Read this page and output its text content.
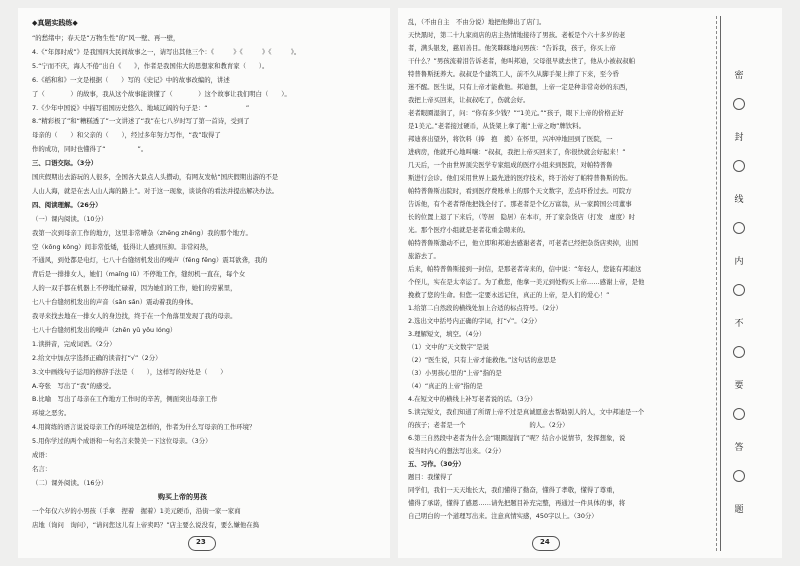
◆真题实践练◆
“的愁绪中；春天是“万物生性”的“风一壁、再一壁，
4.《“年郎时成”》是我国四大民间故事之一，请写出其他三个：《　　　》《　　　》《　　　》。
5.“宁而不庆，海人不倦”出自《　　》，作者是我国伟大的思想家和教育家（　　）。
6.《稻和和》一文是根据（　　）写的《史记》中的故事改编的，讲述
了（　　　　）的故事，我从这个故事能读懂了（　　　　）这个故事让我们明白（　　）。
7.《少年中国说》中描写祖国历史悠久、地域辽阔的句子是：“　　　　　　”
8.“精彩极了”和“糟糕透了”一文讲述了“我”在七八岁时写了第一首诗，受到了
母亲的（　　）和父亲的（　　），经过多年努力写作，“我”取得了
作的成功，同时也懂得了“　　　　　”。
三、口语交际。（3分）
国庆假期出去游玩的人很多，全国各大景点人头攒动，有网友发帖“国庆假期出游的不是
人山人海，就是在去人山人海的路上”。对于这一现象，谈谈你的看法并提出解决办法。
四、阅读理解。（26分）
（一）课内阅读。（10分）
我第一次到母亲工作的地方，这里非常嘈杂（zhēng zhēng）我的那个地方。
空（kōng kǒng）间非常低矮，低得让人感到压抑。非常闷热，
不通风，到处都是电灯，七八十台缝纫机发出的噪声（fēng fēng）震耳欲聋，我的
背后是一排排女人，她们（maǐng lǔ）不停地工作，缝纫机一直在，每个女
人的一双手都在机器上不停地忙碌着，因为她们的工作，她们的劳累里，
七八十台缝纫机发出的声音（sǎn sǎn）震动着我的身体。
我寻来找去地在一排女人的身边找，终于在一个角落里发现了我的母亲。
七八十台缝纫机发出的噪声（zhěn yǔ yōu lóng）
1.读拼音，完成词语。（2分）
2.给文中加点字选择正确的读音打“√”（2分）
3.文中画线句子运用的修辞手法是（　　），这样写的好处是（　　）
A.夸张　写出了“我”的感受。
B.比喻　写出了母亲在工作地方工作时的辛苦，侧面突出母亲工作
环境之恶劣。
4.用简练的语言说说母亲工作的环境是怎样的，作者为什么写母亲的工作环境？
5.用你学过的两个成语和一句名言来赞美一下这位母亲。（3分）
成语：
名言：
（二）课外阅读。（16分）
购买上帝的男孩
一个年仅六岁的小男孩（手拿　捏着　握着）1美元硬币，沿街一家一家商
店地（询问　询问），“请问您这儿有上帝卖吗？”店主要么说没有，要么嫌他在捣
23
乱，（不由自主　不由分说）地把他撵出了店门。
天快黑时，第二十九家商店的店主热情地接待了男孩。老板是个六十多岁的老
者，满头银发，慈眉善目。他笑眯眯地问男孩：“告诉我，孩子，你买上帝
干什么？”男孩流着泪告诉老者，他叫邦迪，父母很早就去世了，他从小被叔叔帕
特普鲁斯抚养大。叔叔是个建筑工人，前不久从脚手架上摔了下来，至今昏
迷不醒。医生说，只有上帝才能救他。邦迪想，上帝一定是种非常奇妙的东西，
我把上帝买回来，让叔叔吃了，伤就会好。
老者眼圈湿润了，问：“你有多少钱？”“1美元。”“孩子，眼下上帝的价格正好
是1美元。”老者接过硬币，从货架上拿了瓶“上帝之吻”牌饮料。
邦迪喜出望外，将饮料（捧　抱　揽）在怀里，兴冲冲地回到了医院，一
进病房，他就开心地叫嚷：“叔叔，我把上帝买回来了，你很快就会好起来！”
几天后，一个由世界顶尖医学专家组成的医疗小组来到医院，对帕特普鲁
斯进行会诊。他们采用世界上最先进的医疗技术，终于治好了帕特普鲁斯的伤。
帕特普鲁斯出院时，看到医疗费账单上的那个天文数字，差点吓昏过去。可院方
告诉他，有个老者帮他把钱全付了。那老者是个亿万富翁，从一家跨国公司董事
长的位置上退了下来后，（等居　隐居）在本市，开了家杂货店（打发　虚度）时
光。那个医疗小组就是老者花重金聘来的。
帕特普鲁斯激动不已，他立即和邦迪去感谢老者，可老者已经把杂货店卖掉，出国
旅游去了。
后来，帕特普鲁斯接到一封信，是那老者寄来的，信中说：“年轻人，您能有邦迪这
个侄儿，实在是太幸运了。为了救您，他拿一美元到处购买上帝……感谢上帝，是他
挽救了您的生命。但您一定要永远记住，真正的上帝，是人们的爱心！”
1.给第二自然段的横线处加上合适的标点符号。（2分）
2.选出文中括号内正确的字词，打“√”。（2分）
3.理解短文，填空。（4分）
（1）文中的“天文数字”是说
（2）“医生说，只有上帝才能救他。”这句话的意思是
（3）小男孩心里的“上帝”指的是
（4）“真正的上帝”指的是
4.在短文中的横线上补写老者说的话。（3分）
5.读完短文，我们知道了所谓上帝不过是真诚愿意去帮助别人的人，文中邦迪是一个
的孩子；老者是一个　　　　　　　　　　的人。（2分）
6.第三自然段中老者为什么会“眼圈湿润了”呢？结合小说情节，发挥想象，说
说当时内心的想法写出来。（2分）
五、习作。（30分）
题目：我懂得了
同学们，我们一天天地长大，我们懂得了勤奋，懂得了孝敬，懂得了尊重，
懂得了承诺，懂得了感恩……请先把题目补充完整，再通过一件具体的事，将
自己明白的一个道理写出来。注意真情实感，450字以上。（30分）
24
密
封
线
内
不
要
答
题
